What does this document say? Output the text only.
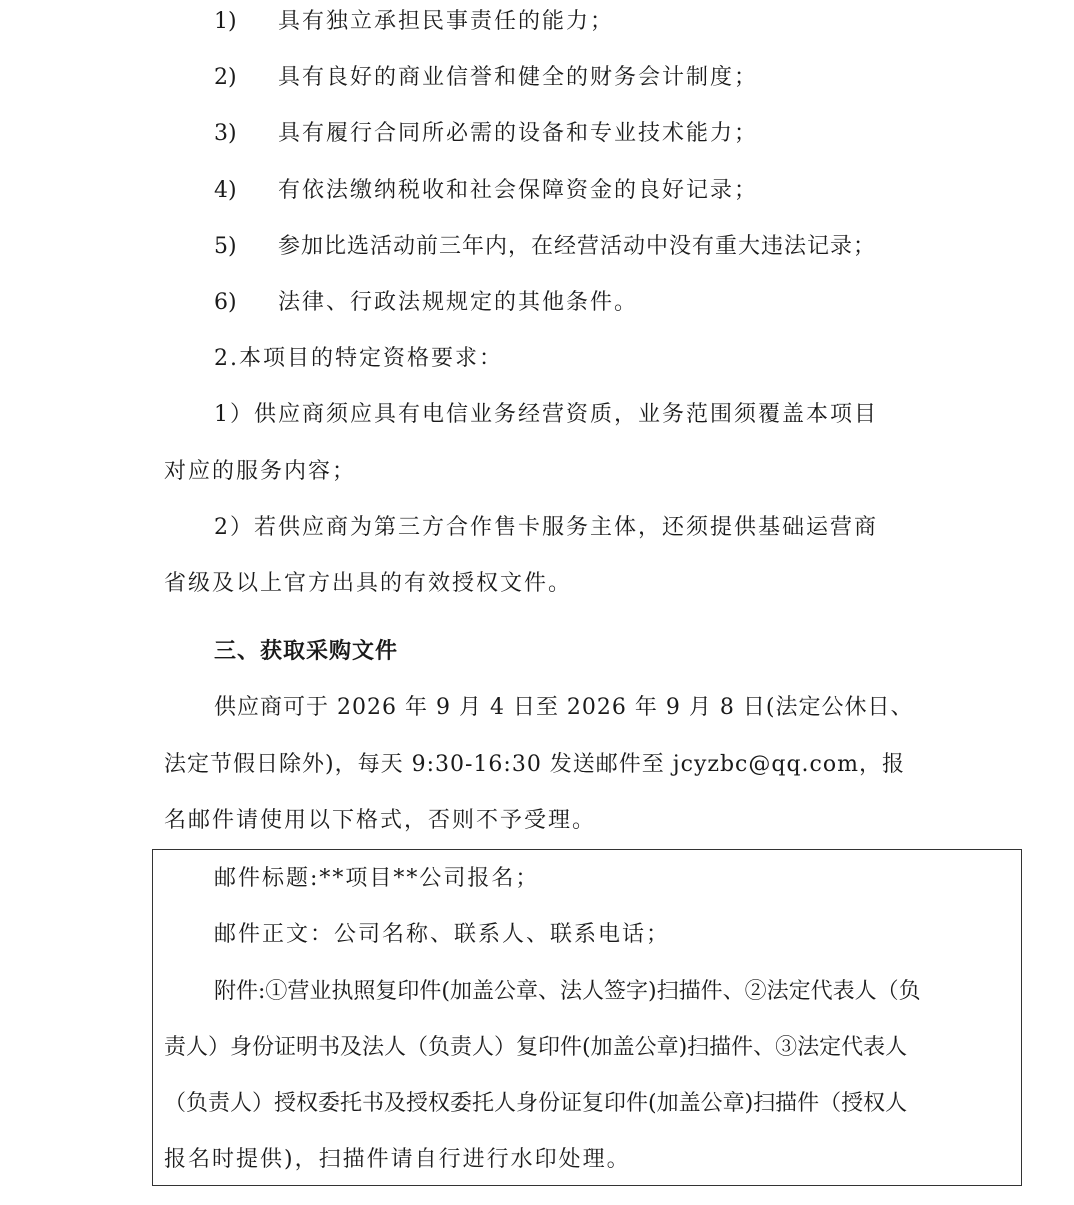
1) 具有独立承担民事责任的能力；
2) 具有良好的商业信誉和健全的财务会计制度；
3) 具有履行合同所必需的设备和专业技术能力；
4) 有依法缴纳税收和社会保障资金的良好记录；
5) 参加比选活动前三年内，在经营活动中没有重大违法记录；
6) 法律、行政法规规定的其他条件。
2.本项目的特定资格要求：
1）供应商须应具有电信业务经营资质，业务范围须覆盖本项目
对应的服务内容；
2）若供应商为第三方合作售卡服务主体，还须提供基础运营商
省级及以上官方出具的有效授权文件。
三、获取采购文件
供应商可于 2026 年 9 月 4 日至 2026 年 9 月 8 日(法定公休日、
法定节假日除外)，每天 9:30-16:30 发送邮件至 jcyzbc@qq.com，报
名邮件请使用以下格式，否则不予受理。
邮件标题:**项目**公司报名；
邮件正文：公司名称、联系人、联系电话；
附件:①营业执照复印件(加盖公章、法人签字)扫描件、②法定代表人（负
责人）身份证明书及法人（负责人）复印件(加盖公章)扫描件、③法定代表人
（负责人）授权委托书及授权委托人身份证复印件(加盖公章)扫描件（授权人
报名时提供)，扫描件请自行进行水印处理。
